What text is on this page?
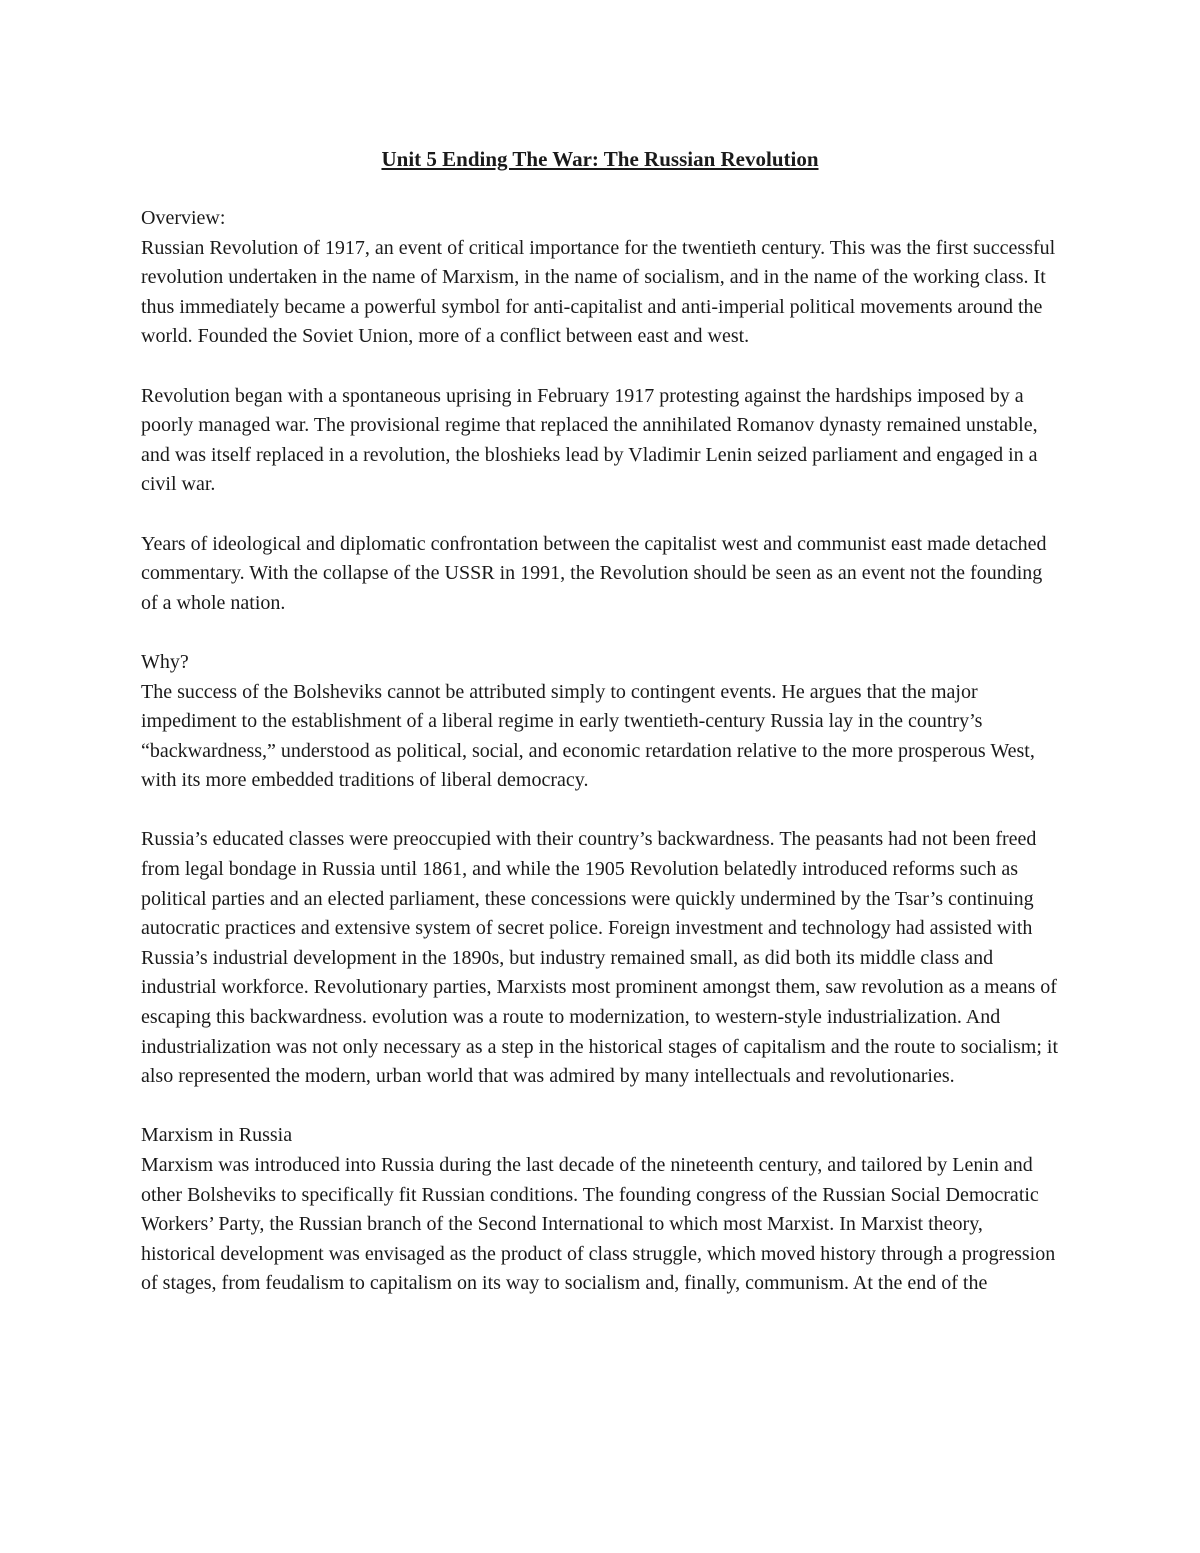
Unit 5 Ending The War: The Russian Revolution
Overview:
Russian Revolution of 1917, an event of critical importance for the twentieth century. This was the first successful revolution undertaken in the name of Marxism, in the name of socialism, and in the name of the working class. It thus immediately became a powerful symbol for anti-capitalist and anti-imperial political movements around the world. Founded the Soviet Union, more of a conflict between east and west.
Revolution began with a spontaneous uprising in February 1917 protesting against the hardships imposed by a poorly managed war. The provisional regime that replaced the annihilated Romanov dynasty remained unstable, and was itself replaced in a revolution, the bloshieks lead by Vladimir Lenin seized parliament and engaged in a civil war.
Years of ideological and diplomatic confrontation between the capitalist west and communist east made detached commentary. With the collapse of the USSR in 1991, the Revolution should be seen as an event not the founding of a whole nation.
Why?
The success of the Bolsheviks cannot be attributed simply to contingent events. He argues that the major impediment to the establishment of a liberal regime in early twentieth-century Russia lay in the country’s “backwardness,” understood as political, social, and economic retardation relative to the more prosperous West, with its more embedded traditions of liberal democracy.
Russia’s educated classes were preoccupied with their country’s backwardness. The peasants had not been freed from legal bondage in Russia until 1861, and while the 1905 Revolution belatedly introduced reforms such as political parties and an elected parliament, these concessions were quickly undermined by the Tsar’s continuing autocratic practices and extensive system of secret police. Foreign investment and technology had assisted with Russia’s industrial development in the 1890s, but industry remained small, as did both its middle class and industrial workforce. Revolutionary parties, Marxists most prominent amongst them, saw revolution as a means of escaping this backwardness. evolution was a route to modernization, to western-style industrialization. And industrialization was not only necessary as a step in the historical stages of capitalism and the route to socialism; it also represented the modern, urban world that was admired by many intellectuals and revolutionaries.
Marxism in Russia
Marxism was introduced into Russia during the last decade of the nineteenth century, and tailored by Lenin and other Bolsheviks to specifically fit Russian conditions. The founding congress of the Russian Social Democratic Workers’ Party, the Russian branch of the Second International to which most Marxist. In Marxist theory, historical development was envisaged as the product of class struggle, which moved history through a progression of stages, from feudalism to capitalism on its way to socialism and, finally, communism. At the end of the
